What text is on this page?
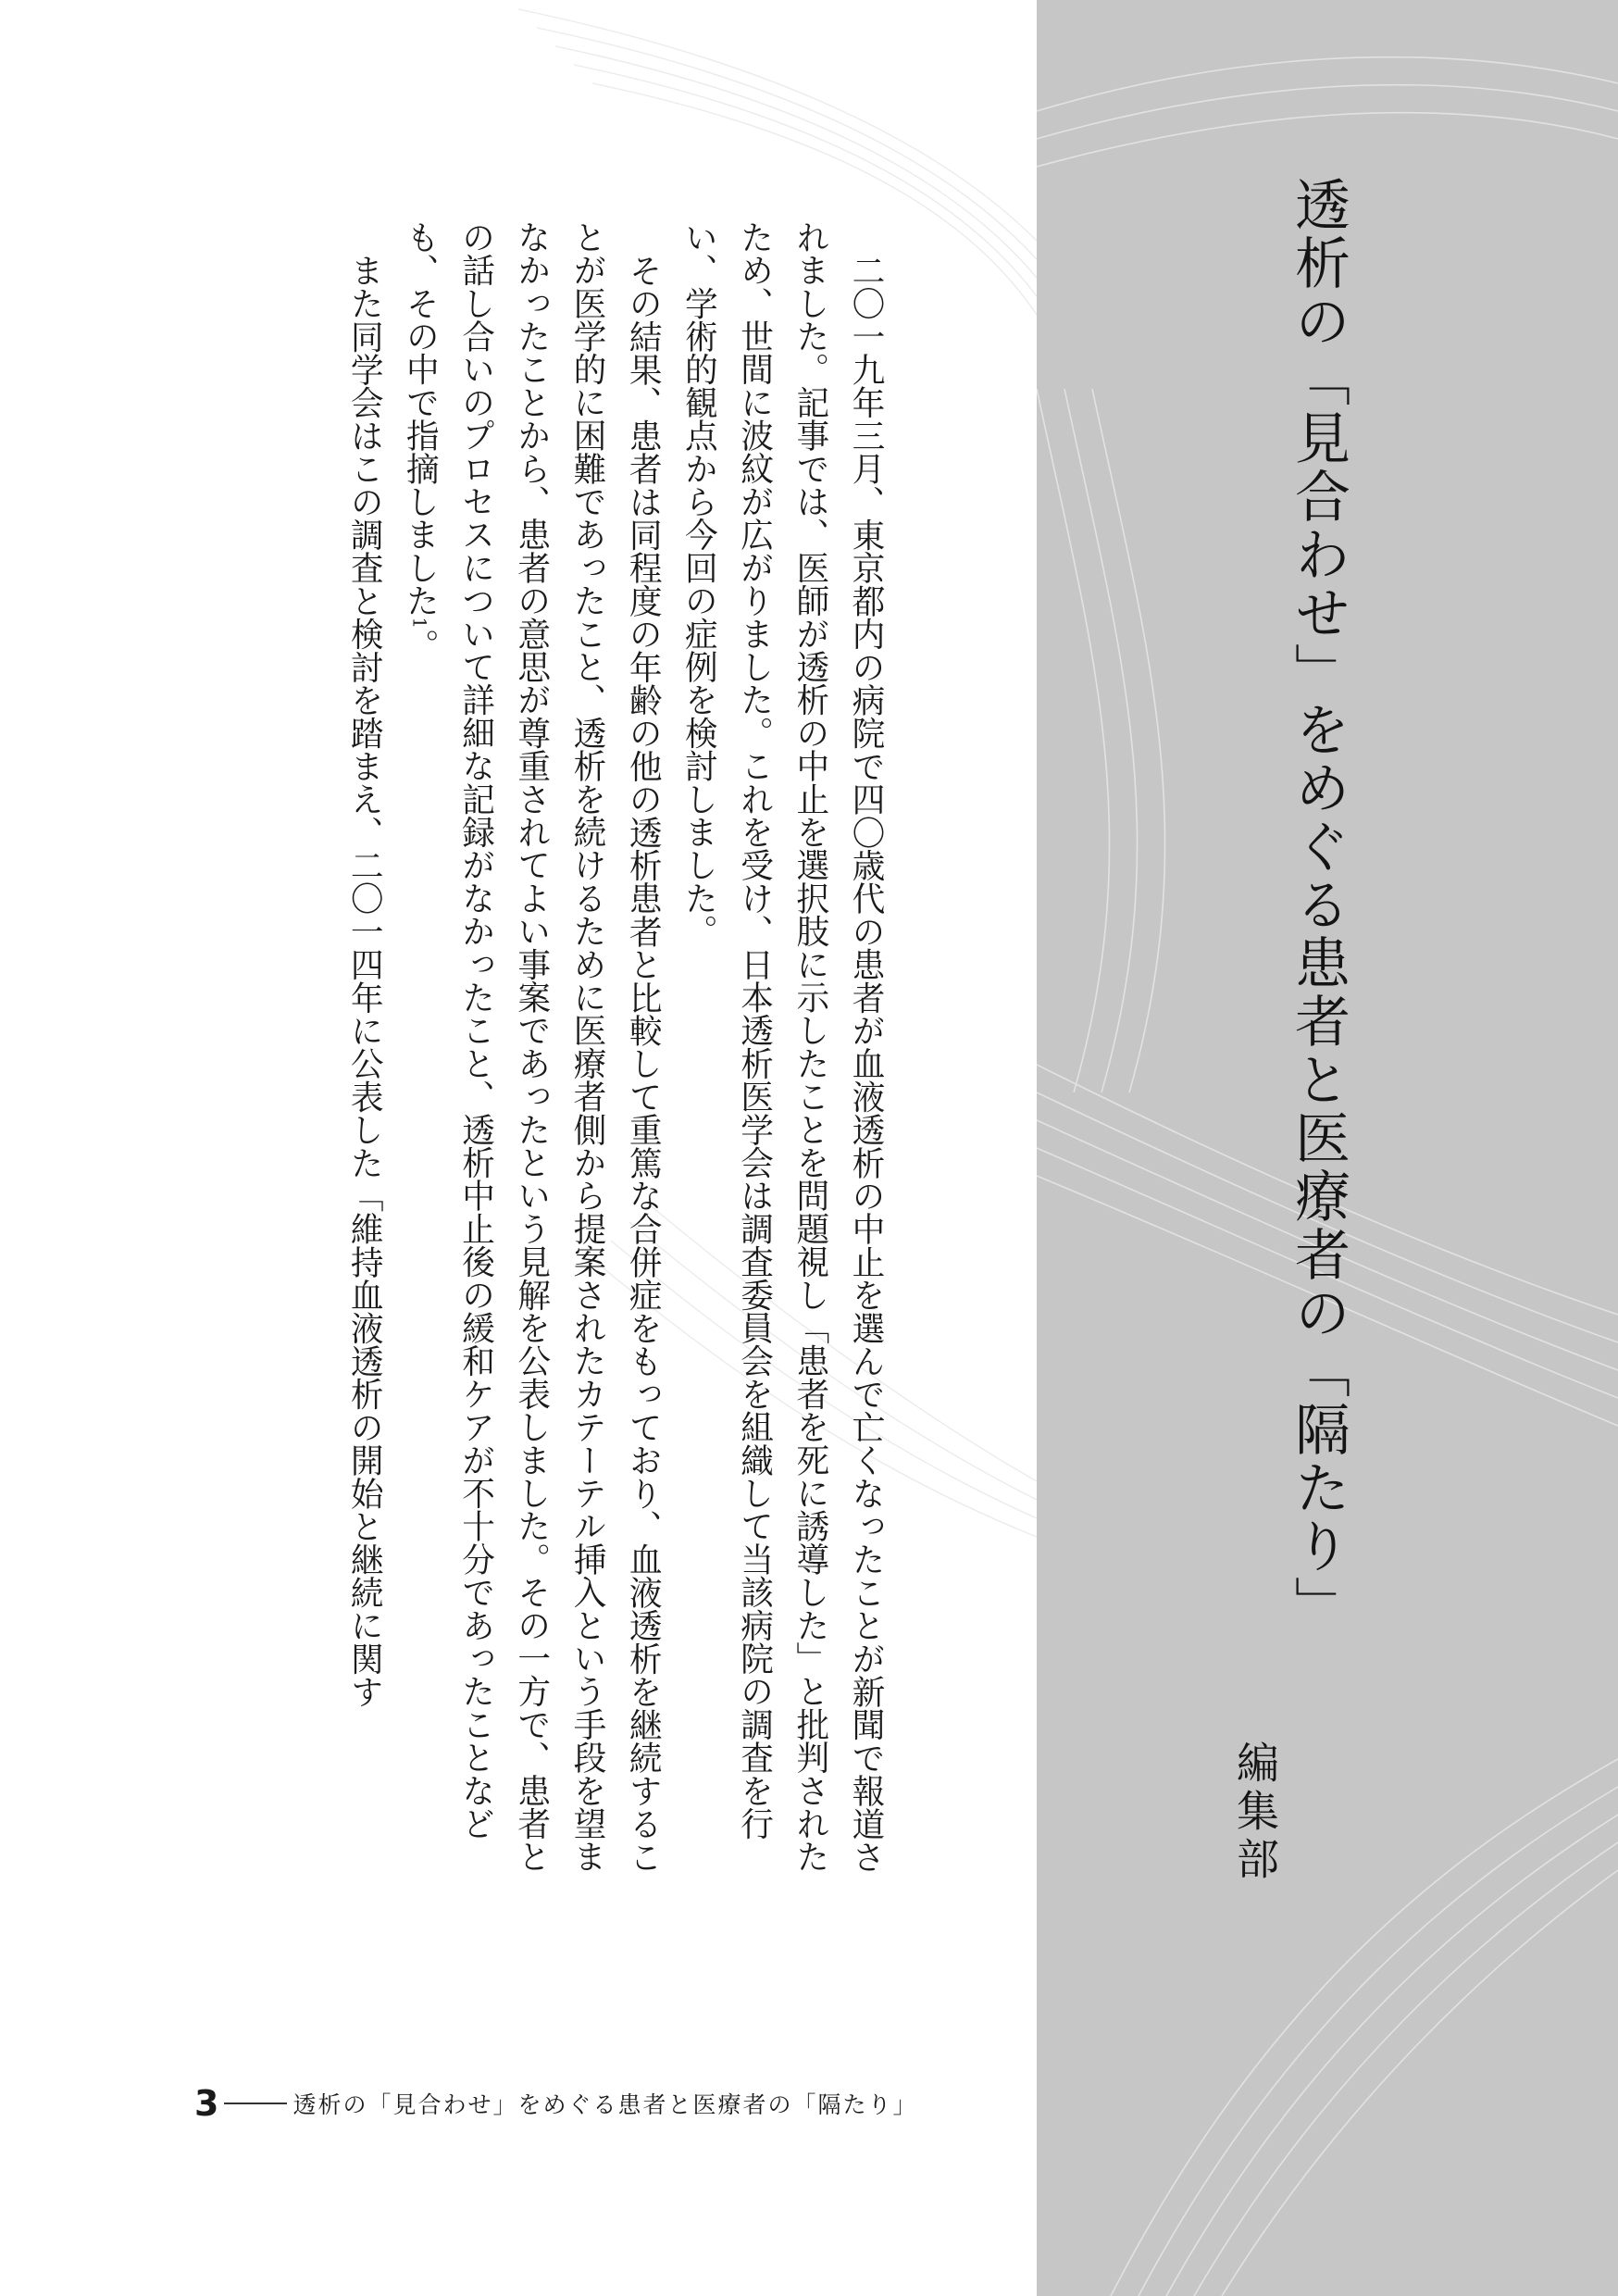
透析の「見合わせ」をめぐる患者と医療者の「隔たり」
編集部

二〇一九年三月、東京都内の病院で四〇歳代の患者が血液透析の中止を選んで亡くなったことが新聞で報道されました。記事では、医師が透析の中止を選択肢に示したことを問題視し「患者を死に誘導した」と批判されたため、世間に波紋が広がりました。これを受け、日本透析医学会は調査委員会を組織して当該病院の調査を行い、学術的観点から今回の症例を検討しました。

その結果、患者は同程度の年齢の他の透析患者と比較して重篤な合併症をもっており、血液透析を継続することが医学的に困難であったこと、透析を続けるために医療者側から提案されたカテーテル挿入という手段を望まなかったことから、患者の意思が尊重されてよい事案であったという見解を公表しました。その一方で、患者との話し合いのプロセスについて詳細な記録がなかったこと、透析中止後の緩和ケアが不十分であったことなども、その中で指摘しました1。

また同学会はこの調査と検討を踏まえ、二〇一四年に公表した「維持血液透析の開始と継続に関す

3	透析の「見合わせ」をめぐる患者と医療者の「隔たり」
